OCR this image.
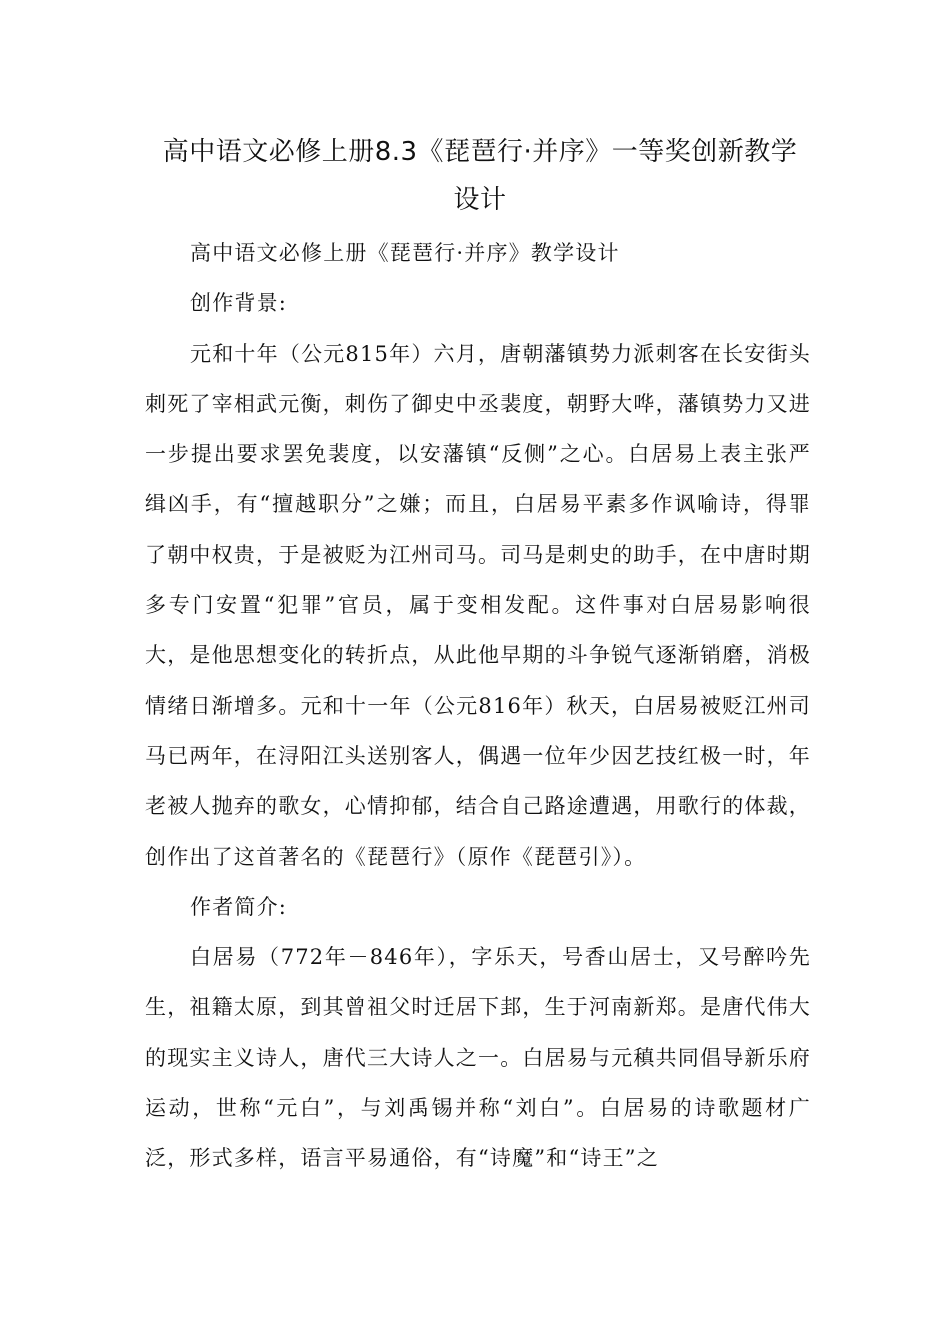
高中语文必修上册8.3《琵琶行·并序》一等奖创新教学
设计

高中语文必修上册《琵琶行·并序》教学设计

创作背景:

元和十年（公元815年）六月，唐朝藩镇势力派刺客在长安街头刺死了宰相武元衡，刺伤了御史中丞裴度，朝野大哗，藩镇势力又进一步提出要求罢免裴度，以安藩镇“反侧”之心。白居易上表主张严缉凶手，有“擅越职分”之嫌；而且，白居易平素多作讽喻诗，得罪了朝中权贵，于是被贬为江州司马。司马是刺史的助手，在中唐时期多专门安置“犯罪”官员，属于变相发配。这件事对白居易影响很大，是他思想变化的转折点，从此他早期的斗争锐气逐渐销磨，消极情绪日渐增多。元和十一年（公元816年）秋天，白居易被贬江州司马已两年，在浔阳江头送别客人，偶遇一位年少因艺技红极一时，年老被人抛弃的歌女，心情抑郁，结合自己路途遭遇，用歌行的体裁，创作出了这首著名的《琵琶行》（原作《琵琶引》）。

作者简介:

白居易（772年－846年），字乐天，号香山居士，又号醉吟先生，祖籍太原，到其曾祖父时迁居下邽，生于河南新郑。是唐代伟大的现实主义诗人，唐代三大诗人之一。白居易与元稹共同倡导新乐府运动，世称“元白”，与刘禹锡并称“刘白”。白居易的诗歌题材广泛，形式多样，语言平易通俗，有“诗魔”和“诗王”之
